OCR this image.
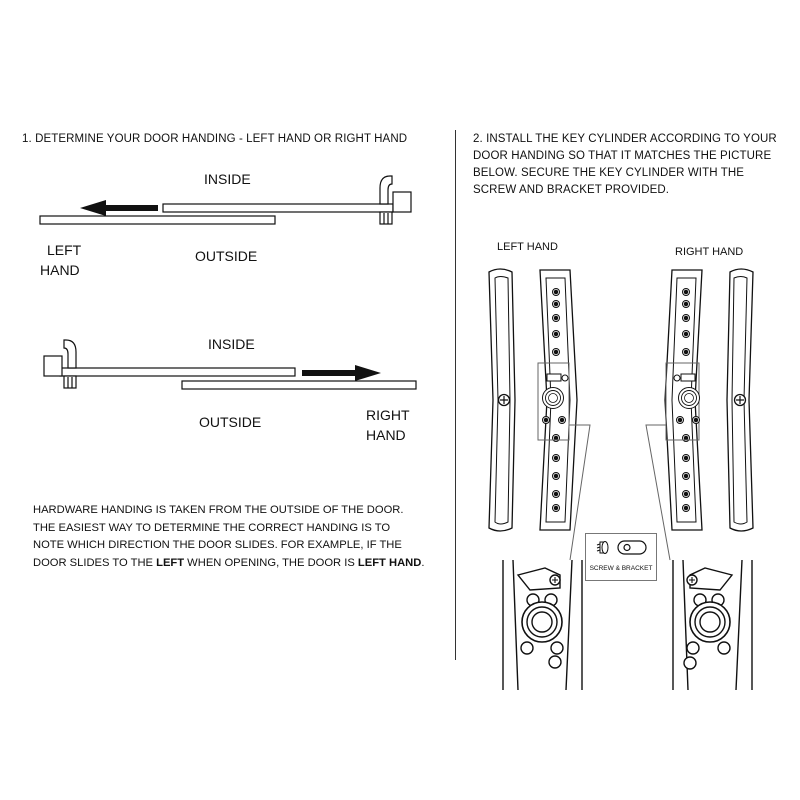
1. DETERMINE YOUR DOOR HANDING - LEFT HAND OR RIGHT HAND

INSIDE

OUTSIDE

LEFT

HAND

INSIDE

OUTSIDE	RIGHT

HAND

HARDWARE HANDING IS TAKEN FROM THE OUTSIDE OF THE DOOR.
THE EASIEST WAY TO DETERMINE THE CORRECT HANDING IS TO
NOTE WHICH DIRECTION THE DOOR SLIDES. FOR EXAMPLE, IF THE
DOOR SLIDES TO THE LEFT WHEN OPENING, THE DOOR IS LEFT HAND.
2. INSTALL THE KEY CYLINDER ACCORDING TO YOUR
DOOR HANDING SO THAT IT MATCHES THE PICTURE
BELOW. SECURE THE KEY CYLINDER WITH THE
SCREW AND BRACKET PROVIDED.

LEFT HAND	RIGHT HAND

SCREW & BRACKET
